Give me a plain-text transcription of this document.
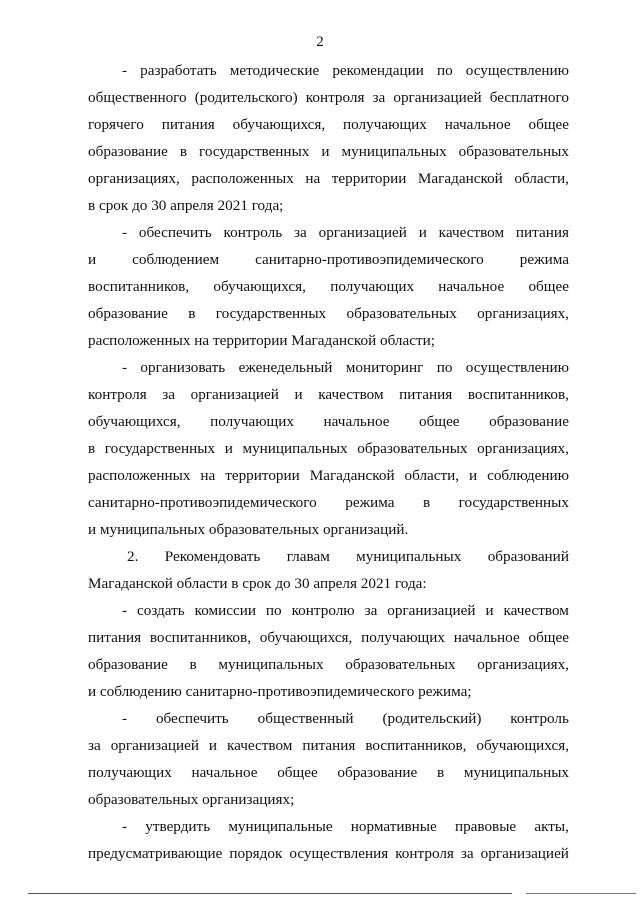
2
- разработать методические рекомендации по осуществлению
общественного (родительского) контроля за организацией бесплатного
горячего питания обучающихся, получающих начальное общее
образование в государственных и муниципальных образовательных
организациях, расположенных на территории Магаданской области,
в срок до 30 апреля 2021 года;
- обеспечить контроль за организацией и качеством питания
и соблюдением санитарно-противоэпидемического режима
воспитанников, обучающихся, получающих начальное общее
образование в государственных образовательных организациях,
расположенных на территории Магаданской области;
- организовать еженедельный мониторинг по осуществлению
контроля за организацией и качеством питания воспитанников,
обучающихся, получающих начальное общее образование
в государственных и муниципальных образовательных организациях,
расположенных на территории Магаданской области, и соблюдению
санитарно-противоэпидемического режима в государственных
и муниципальных образовательных организаций.
2. Рекомендовать главам муниципальных образований
Магаданской области в срок до 30 апреля 2021 года:
- создать комиссии по контролю за организацией и качеством
питания воспитанников, обучающихся, получающих начальное общее
образование в муниципальных образовательных организациях,
и соблюдению санитарно-противоэпидемического режима;
- обеспечить общественный (родительский) контроль
за организацией и качеством питания воспитанников, обучающихся,
получающих начальное общее образование в муниципальных
образовательных организациях;
- утвердить муниципальные нормативные правовые акты,
предусматривающие порядок осуществления контроля за организацией
